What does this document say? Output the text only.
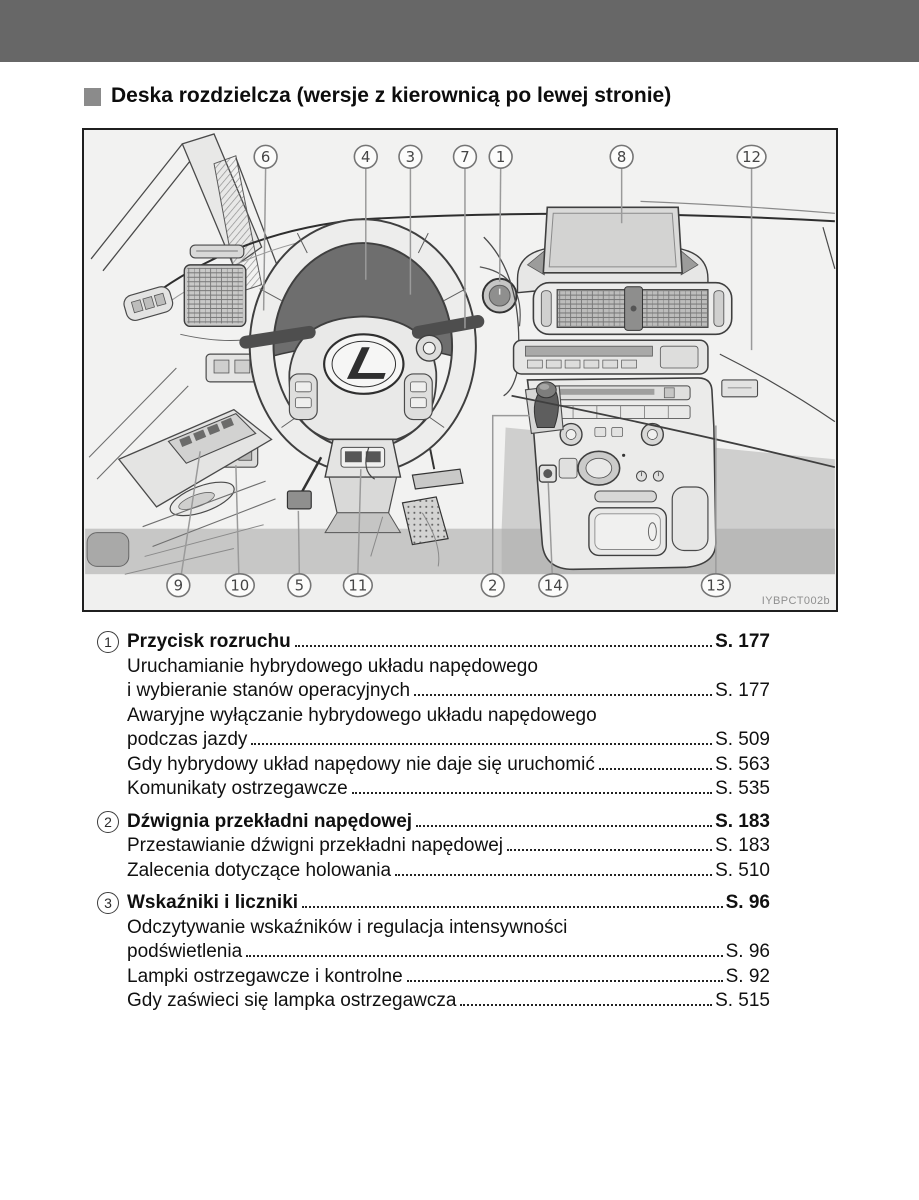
Deska rozdzielcza (wersje z kierownicą po lewej stronie)
6	4 3	7 1	8	12
9	10	5	11	2	14	13
IYBPCT002b
1 Przycisk rozruchu	S. 177
Uruchamianie hybrydowego układu napędowego
i wybieranie stanów operacyjnych	S. 177
Awaryjne wyłączanie hybrydowego układu napędowego
podczas jazdy	S. 509
Gdy hybrydowy układ napędowy nie daje się uruchomić	S. 563
Komunikaty ostrzegawcze	S. 535
2 Dźwignia przekładni napędowej	S. 183
Przestawianie dźwigni przekładni napędowej	S. 183
Zalecenia dotyczące holowania	S. 510
3 Wskaźniki i liczniki	S. 96
Odczytywanie wskaźników i regulacja intensywności
podświetlenia	S. 96
Lampki ostrzegawcze i kontrolne	S. 92
Gdy zaświeci się lampka ostrzegawcza	S. 515
